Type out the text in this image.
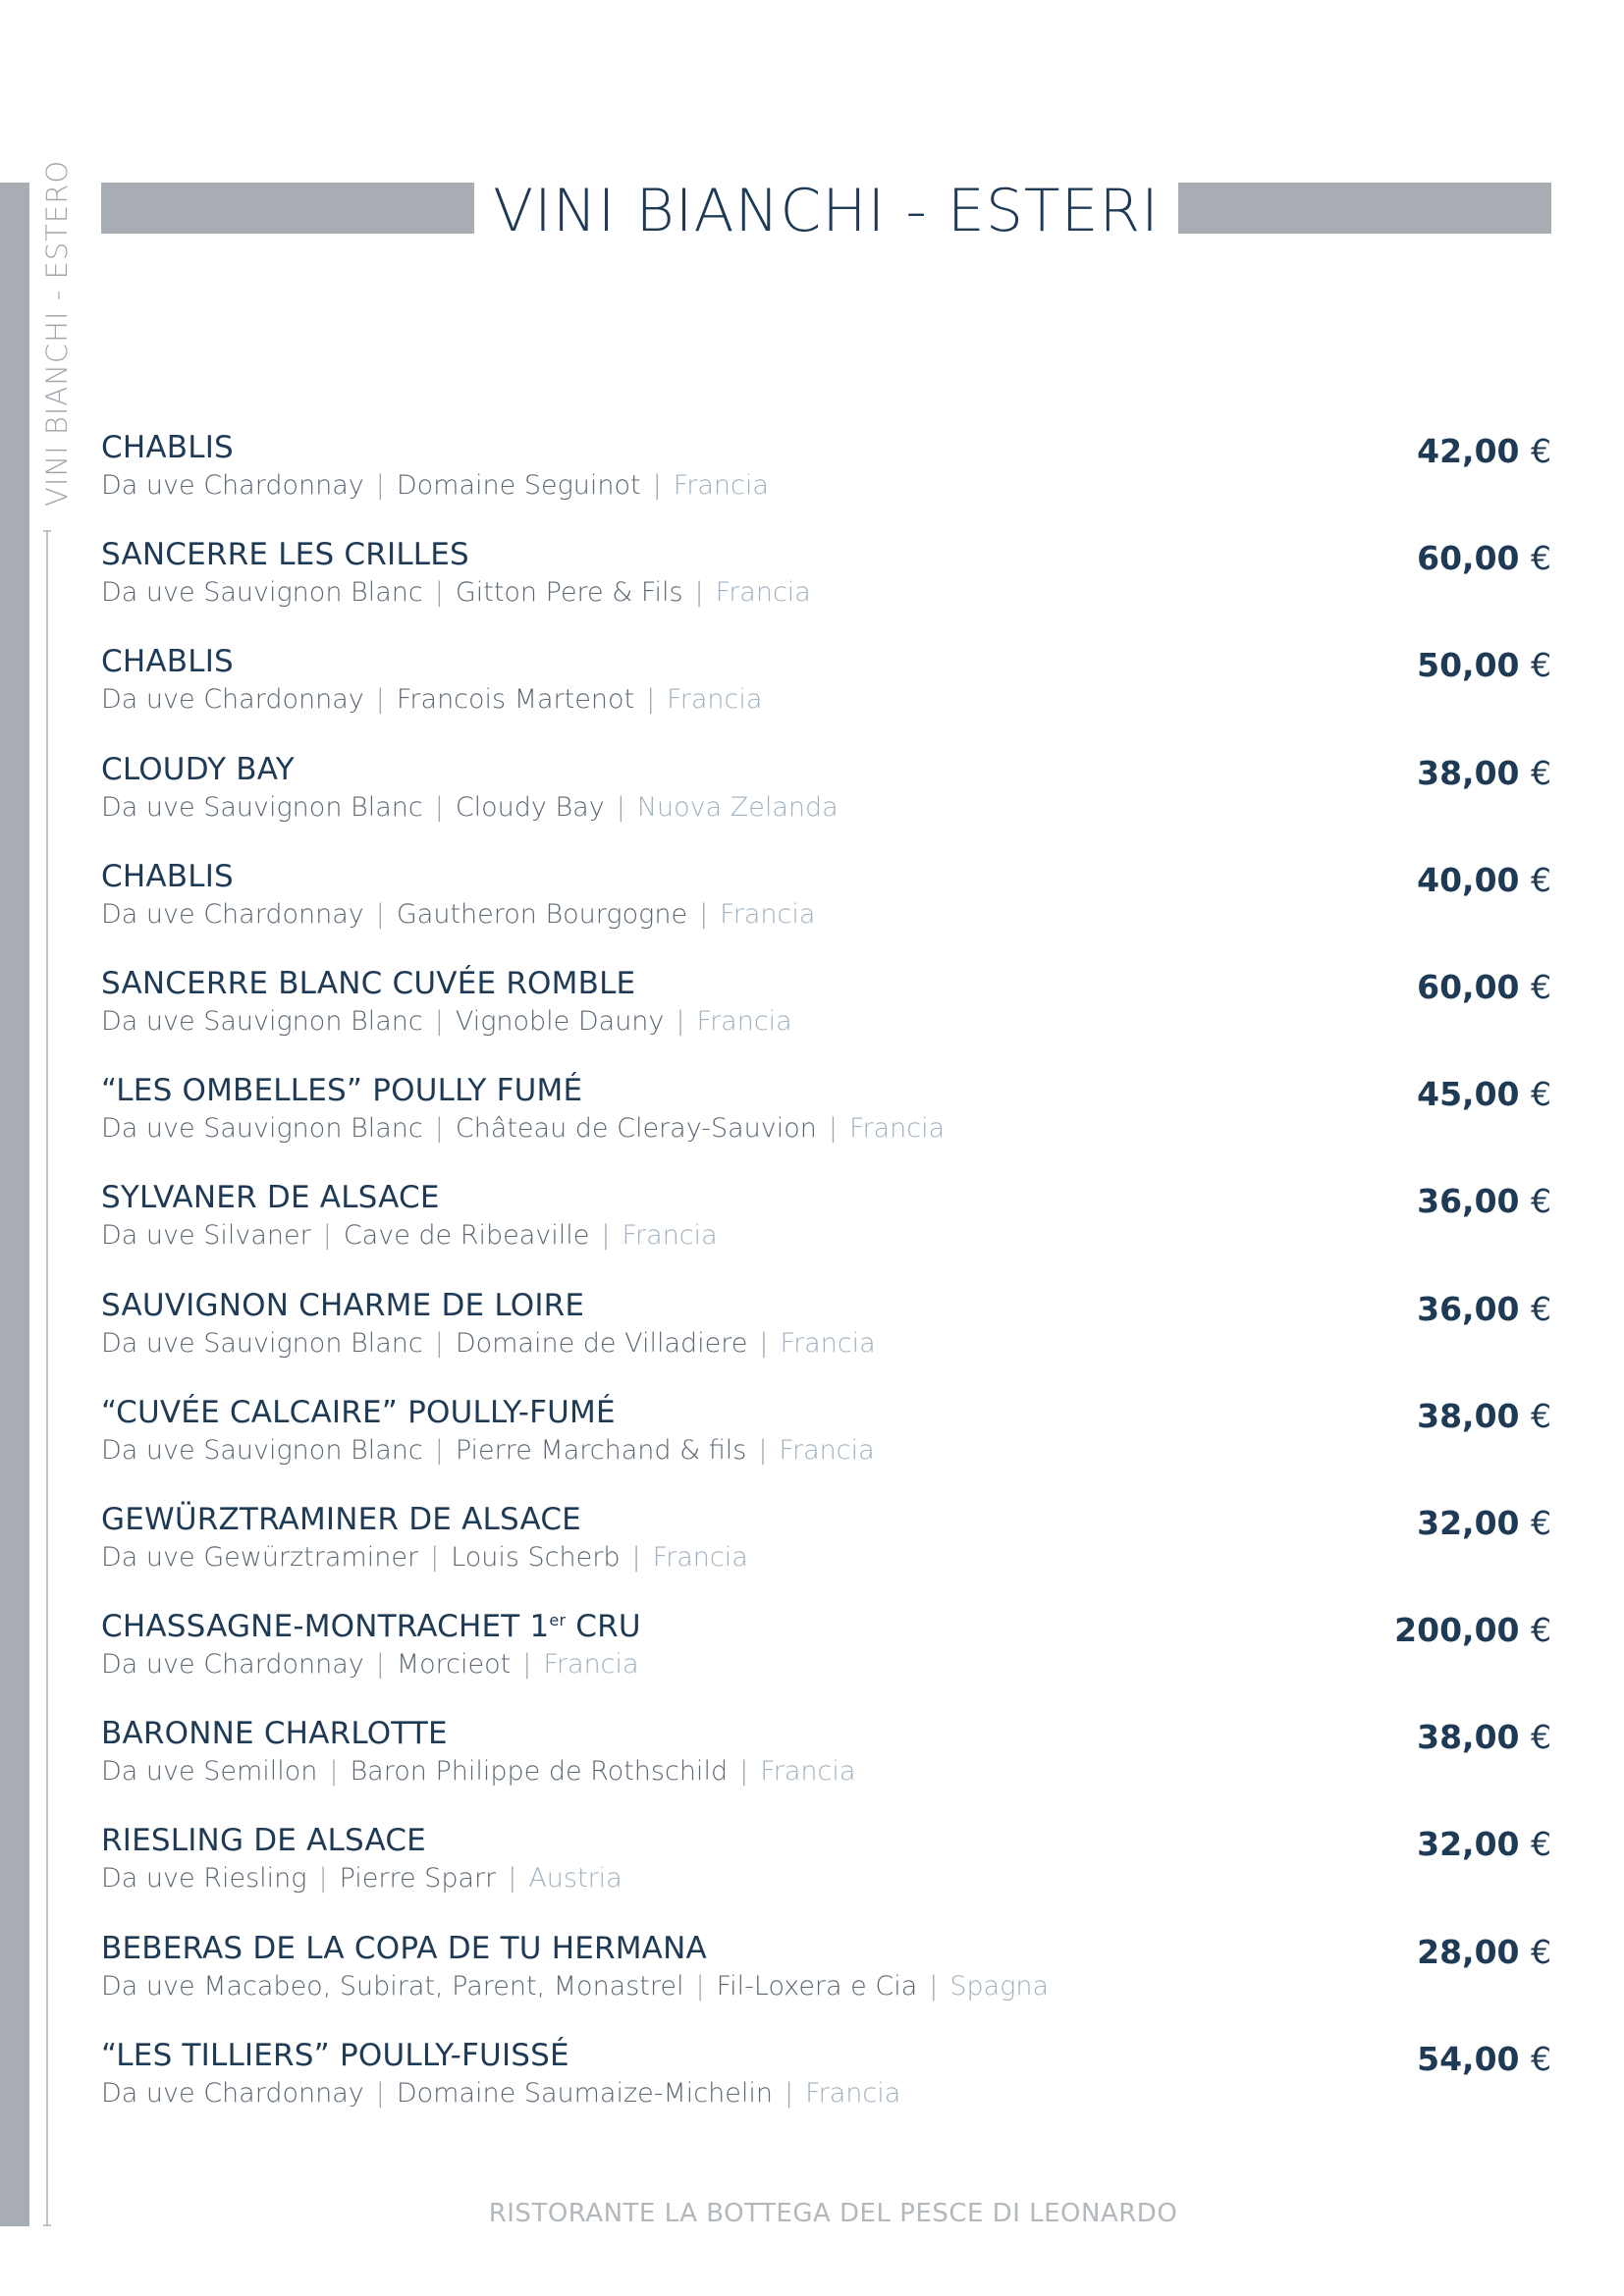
VINI BIANCHI - ESTERO	VINI BIANCHI - ESTERI
CHABLIS
Da uve Chardonnay | Domaine Seguinot | Francia
42,00 €
SANCERRE LES CRILLES
Da uve Sauvignon Blanc | Gitton Pere & Fils | Francia
60,00 €
CHABLIS
Da uve Chardonnay | Francois Martenot | Francia
50,00 €
CLOUDY BAY
Da uve Sauvignon Blanc | Cloudy Bay | Nuova Zelanda
38,00 €
CHABLIS
Da uve Chardonnay | Gautheron Bourgogne | Francia
40,00 €
SANCERRE BLANC CUVÉE ROMBLE
Da uve Sauvignon Blanc | Vignoble Dauny | Francia
60,00 €
“LES OMBELLES” POULLY FUMÉ
Da uve Sauvignon Blanc | Château de Cleray-Sauvion | Francia
45,00 €
SYLVANER DE ALSACE
Da uve Silvaner | Cave de Ribeaville | Francia
36,00 €
SAUVIGNON CHARME DE LOIRE
Da uve Sauvignon Blanc | Domaine de Villadiere | Francia
36,00 €
“CUVÉE CALCAIRE” POULLY-FUMÉ
Da uve Sauvignon Blanc | Pierre Marchand & fils | Francia
38,00 €
GEWÜRZTRAMINER DE ALSACE
Da uve Gewürztraminer | Louis Scherb | Francia
32,00 €
CHASSAGNE-MONTRACHET 1er CRU
Da uve Chardonnay | Morcieot | Francia
200,00 €
BARONNE CHARLOTTE
Da uve Semillon | Baron Philippe de Rothschild | Francia
38,00 €
RIESLING DE ALSACE
Da uve Riesling | Pierre Sparr | Austria
32,00 €
BEBERAS DE LA COPA DE TU HERMANA
Da uve Macabeo, Subirat, Parent, Monastrel | Fil-Loxera e Cia | Spagna
28,00 €
“LES TILLIERS” POULLY-FUISSÉ
Da uve Chardonnay | Domaine Saumaize-Michelin | Francia
54,00 €
RISTORANTE LA BOTTEGA DEL PESCE DI LEONARDO
